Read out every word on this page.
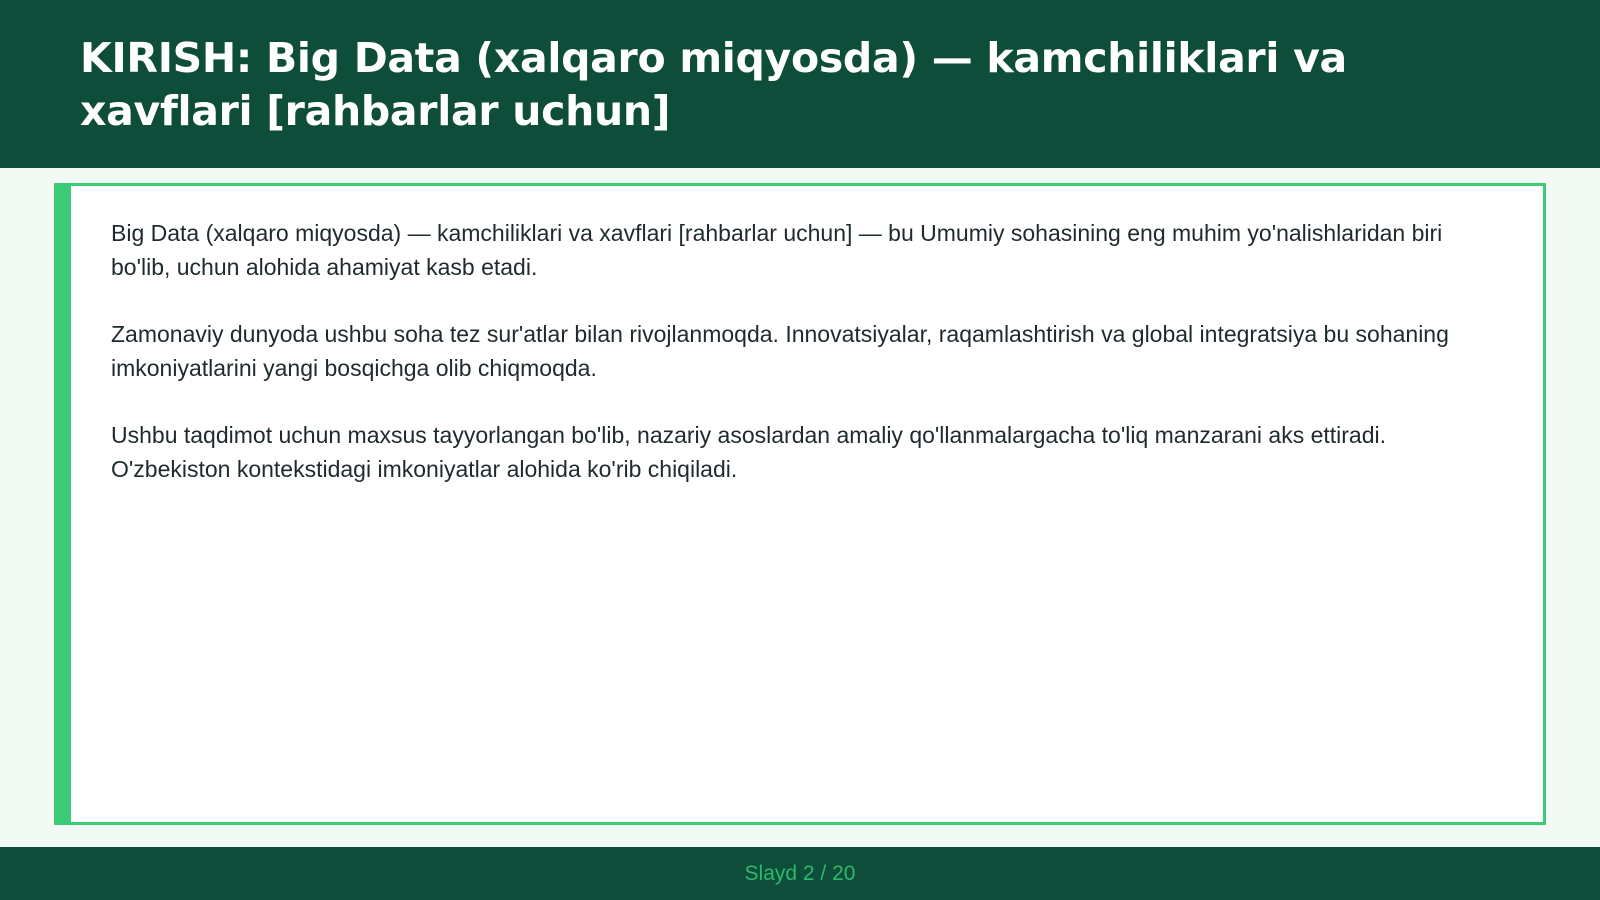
KIRISH: Big Data (xalqaro miqyosda) — kamchiliklari va xavflari [rahbarlar uchun]

Big Data (xalqaro miqyosda) — kamchiliklari va xavflari [rahbarlar uchun] — bu Umumiy sohasining eng muhim yo'nalishlaridan biri bo'lib, uchun alohida ahamiyat kasb etadi.

Zamonaviy dunyoda ushbu soha tez sur'atlar bilan rivojlanmoqda. Innovatsiyalar, raqamlashtirish va global integratsiya bu sohaning imkoniyatlarini yangi bosqichga olib chiqmoqda.

Ushbu taqdimot uchun maxsus tayyorlangan bo'lib, nazariy asoslardan amaliy qo'llanmalargacha to'liq manzarani aks ettiradi. O'zbekiston kontekstidagi imkoniyatlar alohida ko'rib chiqiladi.

Slayd 2 / 20
